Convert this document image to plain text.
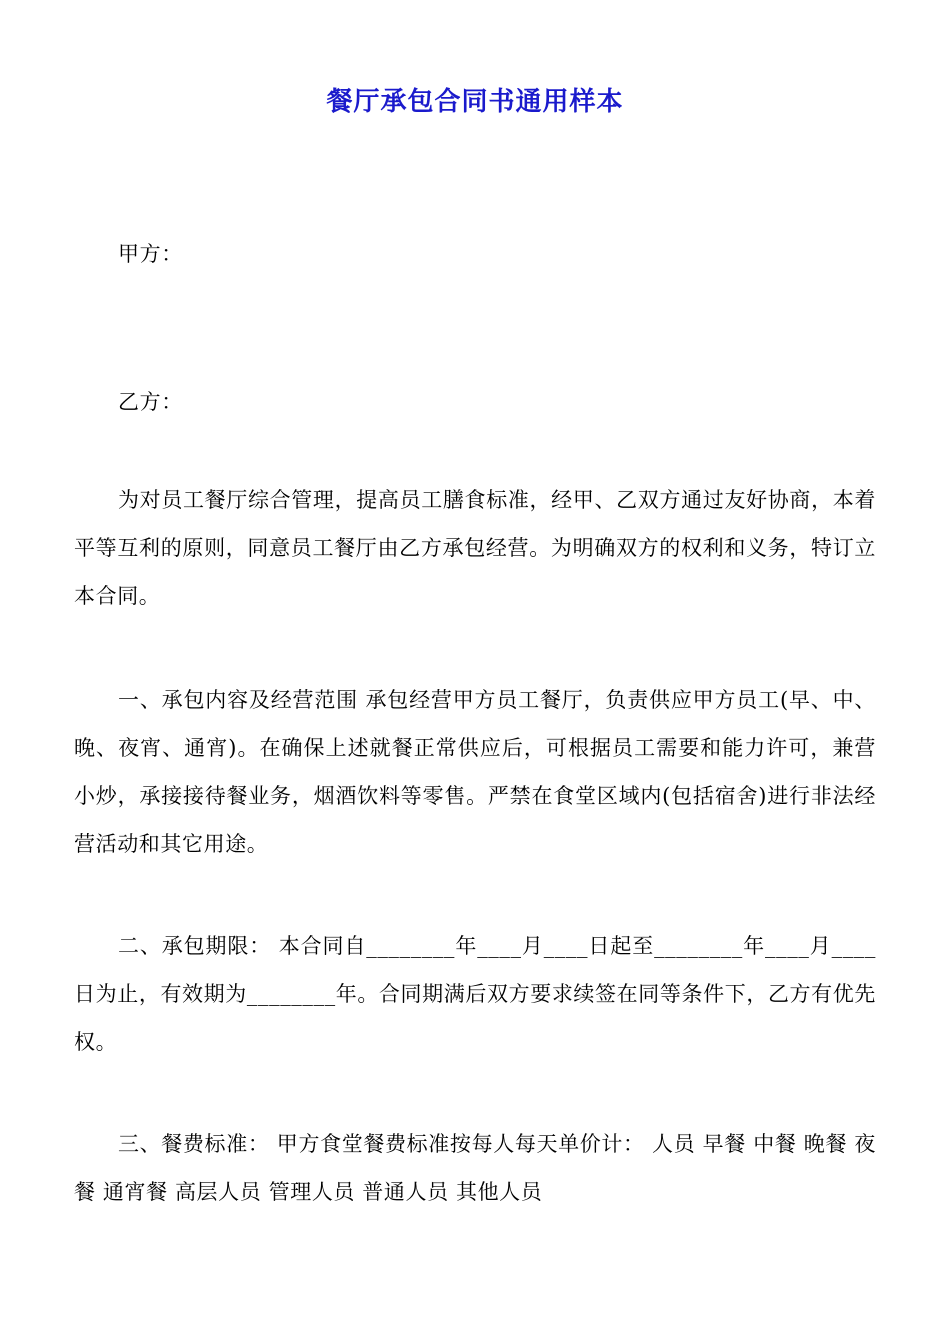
餐厅承包合同书通用样本
甲方：
乙方：
为对员工餐厅综合管理，提高员工膳食标准，经甲、乙双方通过友好协商，本着平等互利的原则，同意员工餐厅由乙方承包经营。为明确双方的权利和义务，特订立本合同。
一、承包内容及经营范围 承包经营甲方员工餐厅，负责供应甲方员工(早、中、晚、夜宵、通宵)。在确保上述就餐正常供应后，可根据员工需要和能力许可，兼营小炒，承接接待餐业务，烟酒饮料等零售。严禁在食堂区域内(包括宿舍)进行非法经营活动和其它用途。
二、承包期限： 本合同自________年____月____日起至________年____月____日为止，有效期为________年。合同期满后双方要求续签在同等条件下，乙方有优先权。
三、餐费标准： 甲方食堂餐费标准按每人每天单价计： 人员 早餐 中餐 晚餐 夜餐 通宵餐 高层人员 管理人员 普通人员 其他人员
